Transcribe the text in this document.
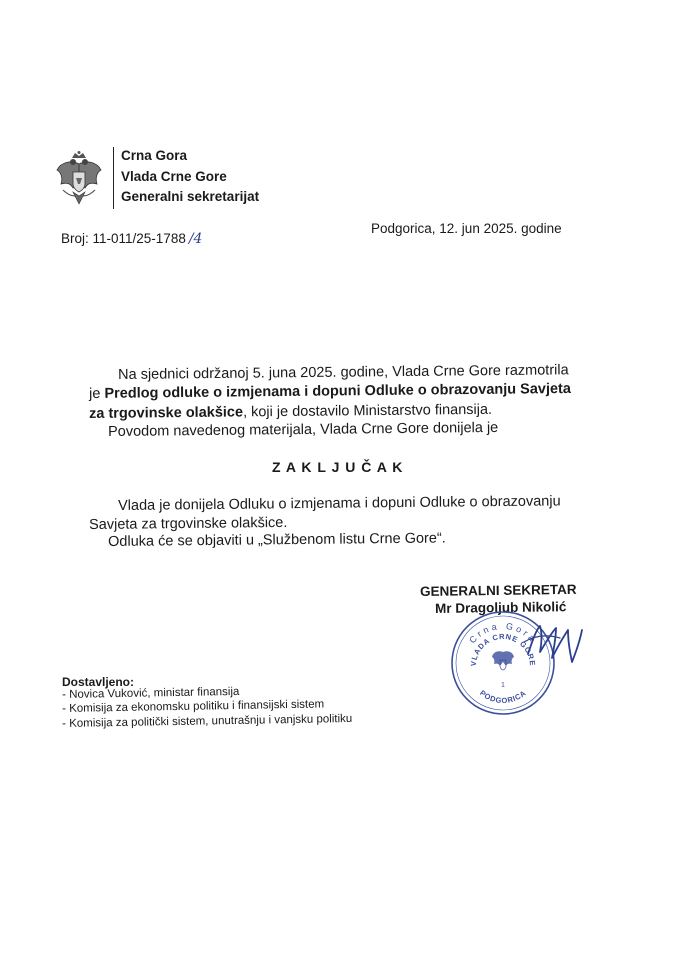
Crna Gora
Vlada Crne Gore
Generalni sekretarijat
Broj: 11-011/25-1788 /4
Podgorica, 12. jun 2025. godine
Na sjednici održanoj 5. juna 2025. godine, Vlada Crne Gore razmotrila
je Predlog odluke o izmjenama i dopuni Odluke o obrazovanju Savjeta
za trgovinske olakšice, koji je dostavilo Ministarstvo finansija.
Povodom navedenog materijala, Vlada Crne Gore donijela je
Z A K L J U Č A K
Vlada je donijela Odluku o izmjenama i dopuni Odluke o obrazovanju
Savjeta za trgovinske olakšice.
Odluka će se objaviti u „Službenom listu Crne Gore“.
GENERALNI SEKRETAR
Mr Dragoljub Nikolić
Crna Gora
VLADA CRNE GORE
1
PODGORICA
Dostavljeno:
- Novica Vuković, ministar finansija
- Komisija za ekonomsku politiku i finansijski sistem
- Komisija za politički sistem, unutrašnju i vanjsku politiku
